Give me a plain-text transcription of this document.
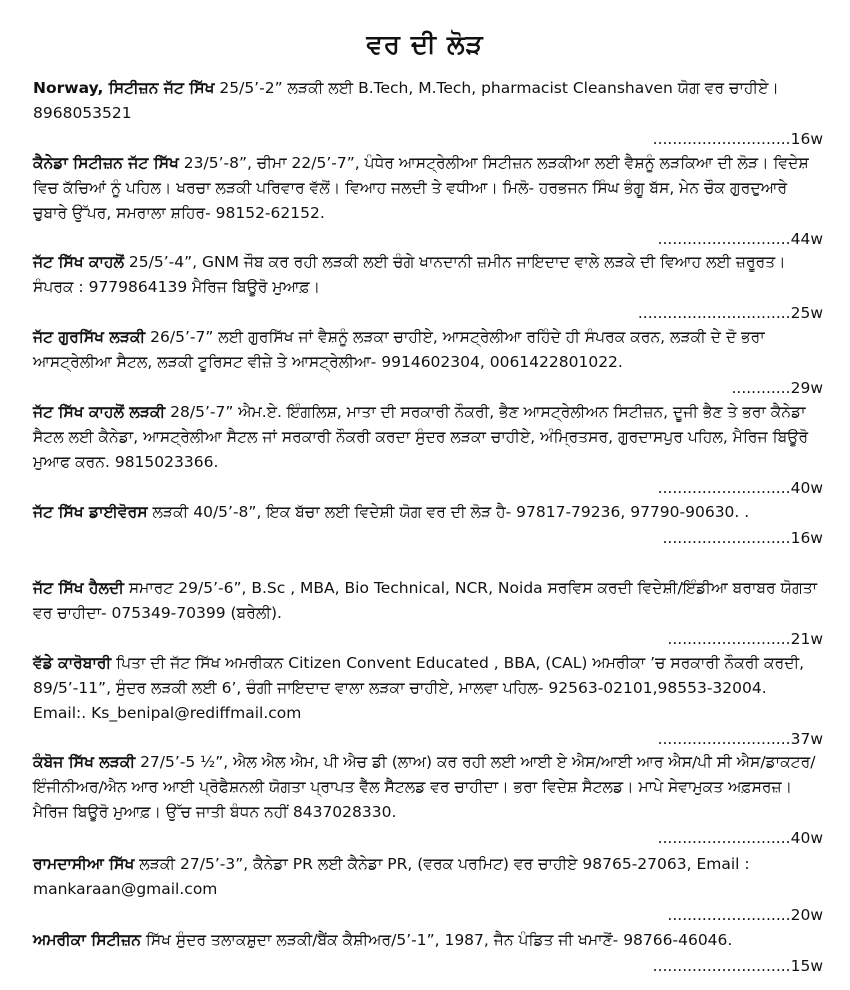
ਵਰ ਦੀ ਲੋੜ
Norway, ਸਿਟੀਜ਼ਨ ਜੱਟ ਸਿੱਖ 25/5’-2” ਲੜਕੀ ਲਈ B.Tech, M.Tech, pharmacist Cleanshaven ਯੋਗ ਵਰ ਚਾਹੀਏ। 8968053521
............................16w
ਕੈਨੇਡਾ ਸਿਟੀਜ਼ਨ ਜੱਟ ਸਿੱਖ 23/5’-8”, ਚੀਮਾ 22/5’-7”, ਪੰਧੇਰ ਆਸਟ੍ਰੇਲੀਆ ਸਿਟੀਜ਼ਨ ਲੜਕੀਆ ਲਈ ਵੈਸ਼ਨੂੰ ਲੜਕਿਆ ਦੀ ਲੋੜ। ਵਿਦੇਸ਼ ਵਿਚ ਕੱਚਿਆਂ ਨੂੰ ਪਹਿਲ। ਖਰਚਾ ਲੜਕੀ ਪਰਿਵਾਰ ਵੱਲੋਂ। ਵਿਆਹ ਜਲਦੀ ਤੇ ਵਧੀਆ। ਮਿਲੋ- ਹਰਭਜਨ ਸਿੰਘ ਭੰਗੂ ਬੱਸ, ਮੇਨ ਚੌਕ ਗੁਰਦੁਆਰੇ ਚੁਬਾਰੇ ਉੱਪਰ, ਸਮਰਾਲਾ ਸ਼ਹਿਰ- 98152-62152.
...........................44w
ਜੱਟ ਸਿੱਖ ਕਾਹਲੋਂ 25/5’-4”, GNM ਜੌਬ ਕਰ ਰਹੀ ਲੜਕੀ ਲਈ ਚੰਗੇ ਖਾਨਦਾਨੀ ਜ਼ਮੀਨ ਜਾਇਦਾਦ ਵਾਲੇ ਲੜਕੇ ਦੀ ਵਿਆਹ ਲਈ ਜ਼ਰੂਰਤ। ਸੰਪਰਕ : 9779864139 ਮੈਰਿਜ ਬਿਊਰੋ ਮੁਆਫ਼।
...............................25w
ਜੱਟ ਗੁਰਸਿੱਖ ਲੜਕੀ 26/5’-7” ਲਈ ਗੁਰਸਿੱਖ ਜਾਂ ਵੈਸ਼ਨੂੰ ਲੜਕਾ ਚਾਹੀਏ, ਆਸਟ੍ਰੇਲੀਆ ਰਹਿੰਦੇ ਹੀ ਸੰਪਰਕ ਕਰਨ, ਲੜਕੀ ਦੇ ਦੋ ਭਰਾ ਆਸਟ੍ਰੇਲੀਆ ਸੈਟਲ, ਲੜਕੀ ਟੂਰਿਸਟ ਵੀਜ਼ੇ ਤੇ ਆਸਟ੍ਰੇਲੀਆ- 9914602304, 0061422801022.
............29w
ਜੱਟ ਸਿੱਖ ਕਾਹਲੋਂ ਲੜਕੀ 28/5’-7” ਐਮ.ਏ. ਇੰਗਲਿਸ਼, ਮਾਤਾ ਦੀ ਸਰਕਾਰੀ ਨੌਕਰੀ, ਭੈਣ ਆਸਟ੍ਰੇਲੀਅਨ ਸਿਟੀਜ਼ਨ, ਦੂਜੀ ਭੈਣ ਤੇ ਭਰਾ ਕੈਨੇਡਾ ਸੈਟਲ ਲਈ ਕੈਨੇਡਾ, ਆਸਟ੍ਰੇਲੀਆ ਸੈਟਲ ਜਾਂ ਸਰਕਾਰੀ ਨੌਕਰੀ ਕਰਦਾ ਸੁੰਦਰ ਲੜਕਾ ਚਾਹੀਏ, ਅੰਮ੍ਰਿਤਸਰ, ਗੁਰਦਾਸਪੁਰ ਪਹਿਲ, ਮੈਰਿਜ ਬਿਊਰੋ ਮੁਆਫ ਕਰਨ. 9815023366.
...........................40w
ਜੱਟ ਸਿੱਖ ਡਾਈਵੋਰਸ ਲੜਕੀ 40/5’-8”, ਇਕ ਬੱਚਾ ਲਈ ਵਿਦੇਸ਼ੀ ਯੋਗ ਵਰ ਦੀ ਲੋੜ ਹੈ- 97817-79236, 97790-90630. .
..........................16w
ਜੱਟ ਸਿੱਖ ਹੈਲਦੀ ਸਮਾਰਟ 29/5’-6”, B.Sc , MBA, Bio Technical, NCR, Noida ਸਰਵਿਸ ਕਰਦੀ ਵਿਦੇਸ਼ੀ/ਇੰਡੀਆ ਬਰਾਬਰ ਯੋਗਤਾ ਵਰ ਚਾਹੀਦਾ- 075349-70399 (ਬਰੇਲੀ).
.........................21w
ਵੱਡੇ ਕਾਰੋਬਾਰੀ ਪਿਤਾ ਦੀ ਜੱਟ ਸਿੱਖ ਅਮਰੀਕਨ Citizen Convent Educated , BBA, (CAL) ਅਮਰੀਕਾ ’ਚ ਸਰਕਾਰੀ ਨੌਕਰੀ ਕਰਦੀ, 89/5’-11”, ਸੁੰਦਰ ਲੜਕੀ ਲਈ 6’, ਚੰਗੀ ਜਾਇਦਾਦ ਵਾਲਾ ਲੜਕਾ ਚਾਹੀਏ, ਮਾਲਵਾ ਪਹਿਲ- 92563-02101,98553-32004. Email:. Ks_benipal@rediffmail.com
...........................37w
ਕੰਬੋਜ ਸਿੱਖ ਲੜਕੀ 27/5’-5 ½”, ਐਲ ਐਲ ਐਮ, ਪੀ ਐਚ ਡੀ (ਲਾਅ) ਕਰ ਰਹੀ ਲਈ ਆਈ ਏ ਐਸ/ਆਈ ਆਰ ਐਸ/ਪੀ ਸੀ ਐਸ/ਡਾਕਟਰ/ਇੰਜੀਨੀਅਰ/ਐਨ ਆਰ ਆਈ ਪ੍ਰੋਫੈਸ਼ਨਲੀ ਯੋਗਤਾ ਪ੍ਰਾਪਤ ਵੈੱਲ ਸੈੱਟਲਡ ਵਰ ਚਾਹੀਦਾ। ਭਰਾ ਵਿਦੇਸ਼ ਸੈਟਲਡ। ਮਾਪੇ ਸੇਵਾਮੁਕਤ ਅਫ਼ਸਰਜ਼। ਮੈਰਿਜ ਬਿਊਰੋ ਮੁਆਫ਼। ਉੱਚ ਜਾਤੀ ਬੰਧਨ ਨਹੀਂ 8437028330.
...........................40w
ਰਾਮਦਾਸੀਆ ਸਿੱਖ ਲੜਕੀ 27/5’-3”, ਕੈਨੇਡਾ PR ਲਈ ਕੈਨੇਡਾ PR, (ਵਰਕ ਪਰਮਿਟ) ਵਰ ਚਾਹੀਏ 98765-27063, Email : mankaraan@gmail.com
.........................20w
ਅਮਰੀਕਾ ਸਿਟੀਜ਼ਨ ਸਿੱਖ ਸੁੰਦਰ ਤਲਾਕਸ਼ੁਦਾ ਲੜਕੀ/ਬੈਂਕ ਕੈਸ਼ੀਅਰ/5’-1”, 1987, ਜੈਨ ਪੰਡਿਤ ਜੀ ਖਮਾਣੋਂ- 98766-46046.
............................15w
